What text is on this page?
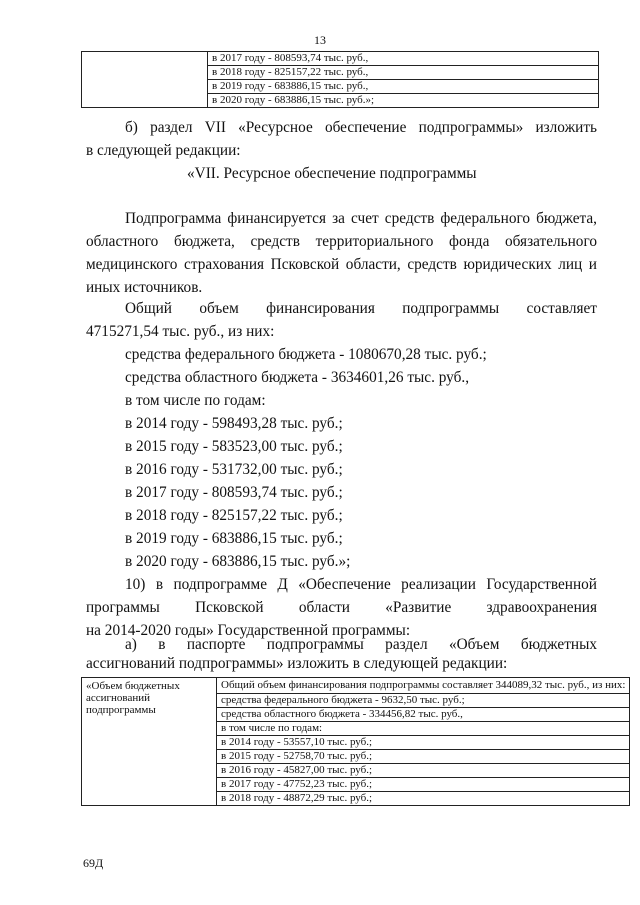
13

в 2017 году - 808593,74 тыс. руб.,
в 2018 году - 825157,22 тыс. руб.,
в 2019 году - 683886,15 тыс. руб.,
в 2020 году - 683886,15 тыс. руб.»;
б) раздел VII «Ресурсное обеспечение подпрограммы» изложить
в следующей редакции:
«VII. Ресурсное обеспечение подпрограммы
Подпрограмма финансируется за счет средств федерального бюджета, областного бюджета, средств территориального фонда обязательного медицинского страхования Псковской области, средств юридических лиц и иных источников.
Общий объем финансирования подпрограммы составляет
4715271,54 тыс. руб., из них:
средства федерального бюджета - 1080670,28 тыс. руб.;
средства областного бюджета - 3634601,26 тыс. руб.,
в том числе по годам:
в 2014 году - 598493,28 тыс. руб.;
в 2015 году - 583523,00 тыс. руб.;
в 2016 году - 531732,00 тыс. руб.;
в 2017 году - 808593,74 тыс. руб.;
в 2018 году - 825157,22 тыс. руб.;
в 2019 году - 683886,15 тыс. руб.;
в 2020 году - 683886,15 тыс. руб.»;
10) в подпрограмме Д «Обеспечение реализации Государственной
программы Псковской области «Развитие здравоохранения
на 2014-2020 годы» Государственной программы:
а) в паспорте подпрограммы раздел «Объем бюджетных
ассигнований подпрограммы» изложить в следующей редакции:
«Объем бюджетных ассигнований подпрограммы	
Общий объем финансирования подпрограммы составляет 344089,32 тыс. руб., из них:
средства федерального бюджета - 9632,50 тыс. руб.;
средства областного бюджета - 334456,82 тыс. руб.,
в том числе по годам:
в 2014 году - 53557,10 тыс. руб.;
в 2015 году - 52758,70 тыс. руб.;
в 2016 году - 45827,00 тыс. руб.;
в 2017 году - 47752,23 тыс. руб.;
в 2018 году - 48872,29 тыс. руб.;
69Д
